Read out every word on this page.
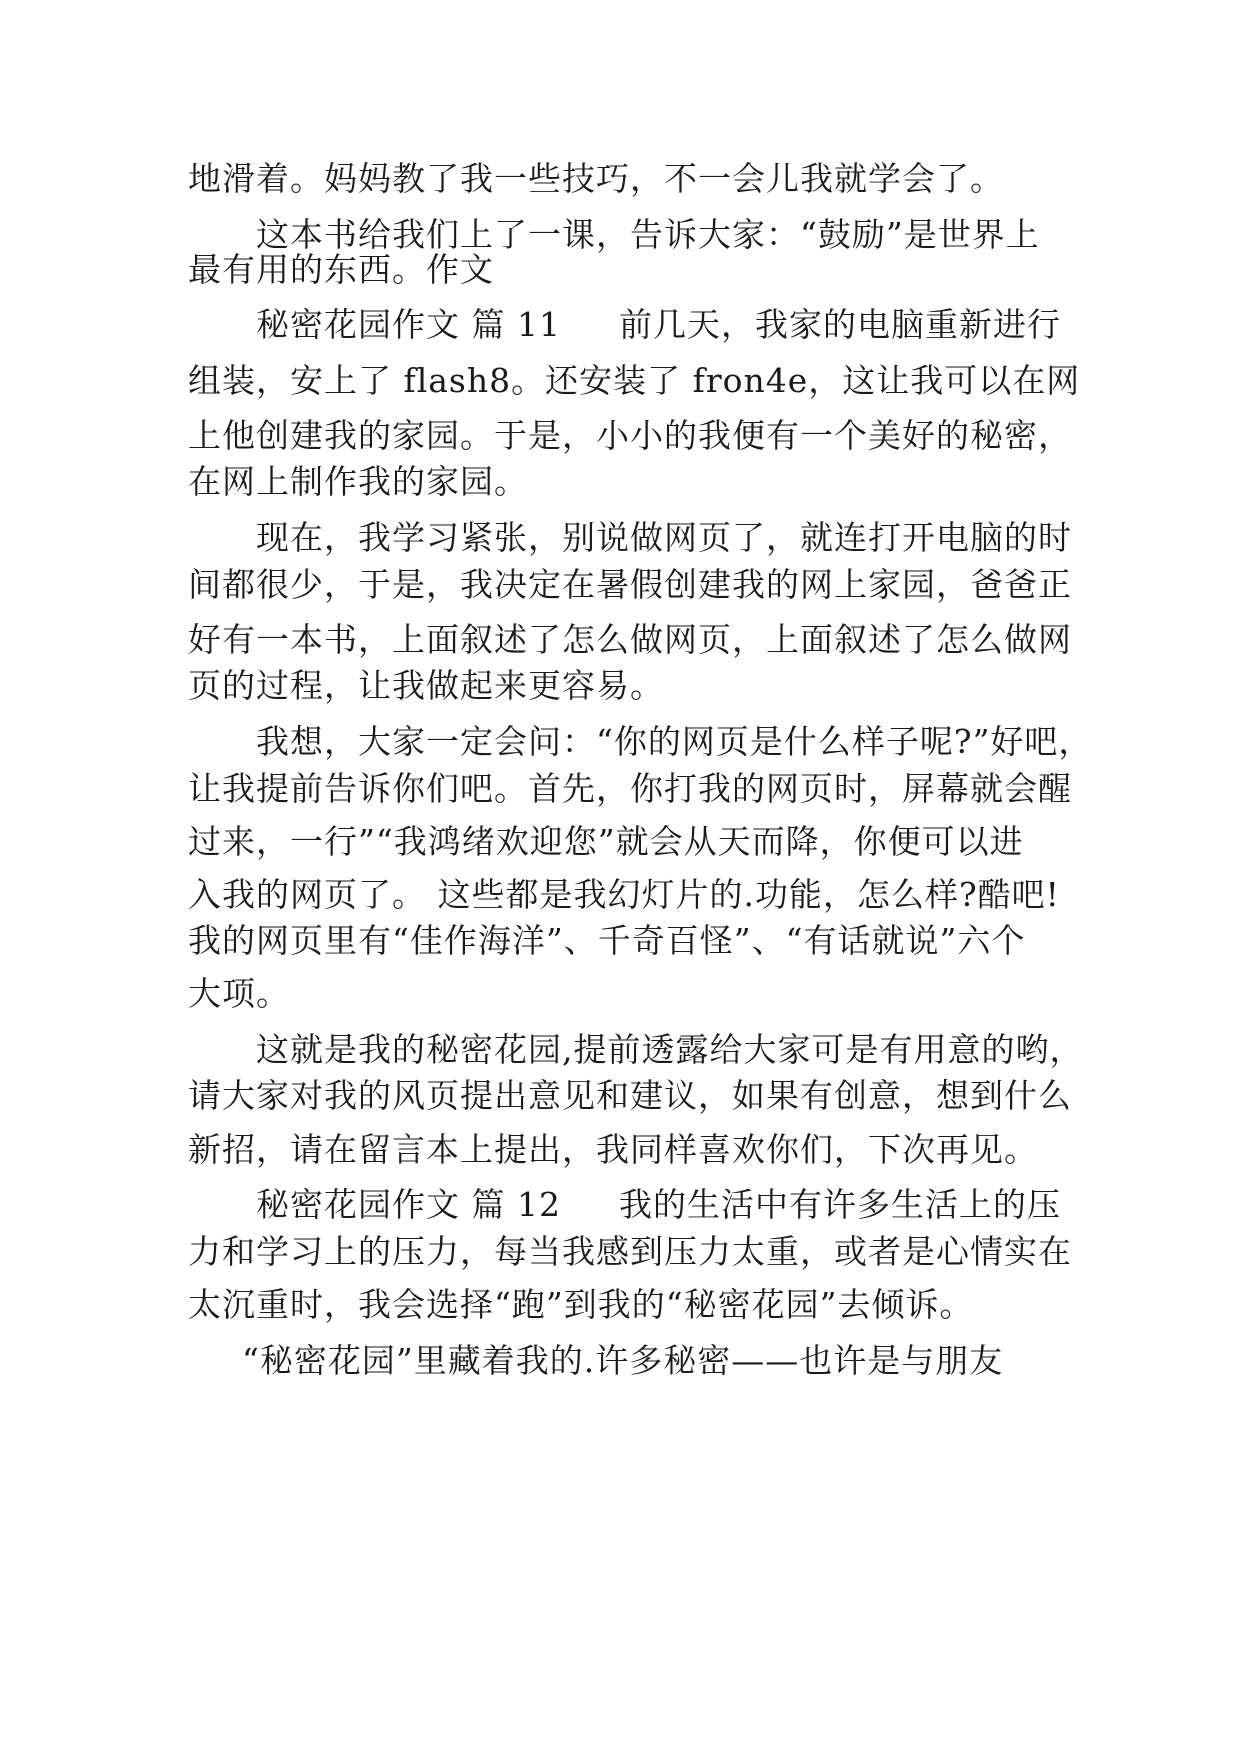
地滑着。妈妈教了我一些技巧，不一会儿我就学会了。
这本书给我们上了一课，告诉大家：“鼓励”是世界上
最有用的东西。作文
秘密花园作文 篇 11 前几天，我家的电脑重新进行
组装，安上了 flash8。还安装了 fron4e，这让我可以在网
上他创建我的家园。于是，小小的我便有一个美好的秘密，
在网上制作我的家园。
现在，我学习紧张，别说做网页了，就连打开电脑的时
间都很少，于是，我决定在暑假创建我的网上家园，爸爸正
好有一本书，上面叙述了怎么做网页，上面叙述了怎么做网
页的过程，让我做起来更容易。
我想，大家一定会问：“你的网页是什么样子呢?”好吧，
让我提前告诉你们吧。首先，你打我的网页时，屏幕就会醒
过来，一行”“我鸿绪欢迎您”就会从天而降，你便可以进
入我的网页了。 这些都是我幻灯片的.功能，怎么样?酷吧!
我的网页里有“佳作海洋”、千奇百怪”、“有话就说”六个
大项。
这就是我的秘密花园,提前透露给大家可是有用意的哟，
请大家对我的风页提出意见和建议，如果有创意，想到什么
新招，请在留言本上提出，我同样喜欢你们，下次再见。
秘密花园作文 篇 12 我的生活中有许多生活上的压
力和学习上的压力，每当我感到压力太重，或者是心情实在
太沉重时，我会选择“跑”到我的“秘密花园”去倾诉。
“秘密花园”里藏着我的.许多秘密——也许是与朋友
